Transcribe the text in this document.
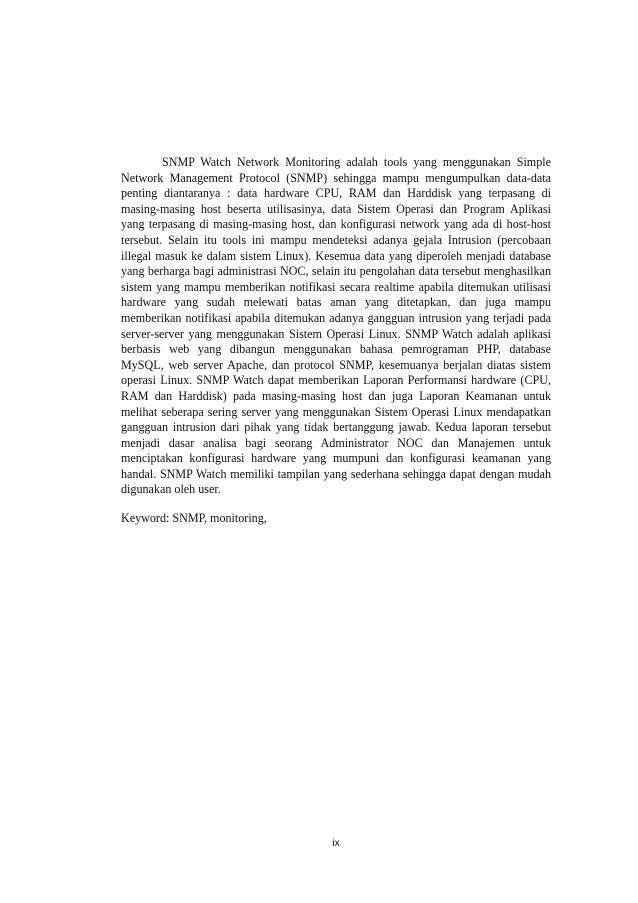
SNMP Watch Network Monitoring adalah tools yang menggunakan Simple Network Management Protocol (SNMP) sehingga mampu mengumpulkan data-data penting diantaranya : data hardware CPU, RAM dan Harddisk yang terpasang di masing-masing host beserta utilisasinya, data Sistem Operasi dan Program Aplikasi yang terpasang di masing-masing host, dan konfigurasi network yang ada di host-host tersebut. Selain itu tools ini mampu mendeteksi adanya gejala Intrusion (percobaan illegal masuk ke dalam sistem Linux). Kesemua data yang diperoleh menjadi database yang berharga bagi administrasi NOC, selain itu pengolahan data tersebut menghasilkan sistem yang mampu memberikan notifikasi secara realtime apabila ditemukan utilisasi hardware yang sudah melewati batas aman yang ditetapkan, dan juga mampu memberikan notifikasi apabila ditemukan adanya gangguan intrusion yang terjadi pada server-server yang menggunakan Sistem Operasi Linux. SNMP Watch adalah aplikasi berbasis web yang dibangun menggunakan bahasa pemrograman PHP, database MySQL, web server Apache, dan protocol SNMP, kesemuanya berjalan diatas sistem operasi Linux. SNMP Watch dapat memberikan Laporan Performansi hardware (CPU, RAM dan Harddisk) pada masing-masing host dan juga Laporan Keamanan untuk melihat seberapa sering server yang menggunakan Sistem Operasi Linux mendapatkan gangguan intrusion dari pihak yang tidak bertanggung jawab. Kedua laporan tersebut menjadi dasar analisa bagi seorang Administrator NOC dan Manajemen untuk menciptakan konfigurasi hardware yang mumpuni dan konfigurasi keamanan yang handal. SNMP Watch memiliki tampilan yang sederhana sehingga dapat dengan mudah digunakan oleh user.

Keyword: SNMP, monitoring,

ix
